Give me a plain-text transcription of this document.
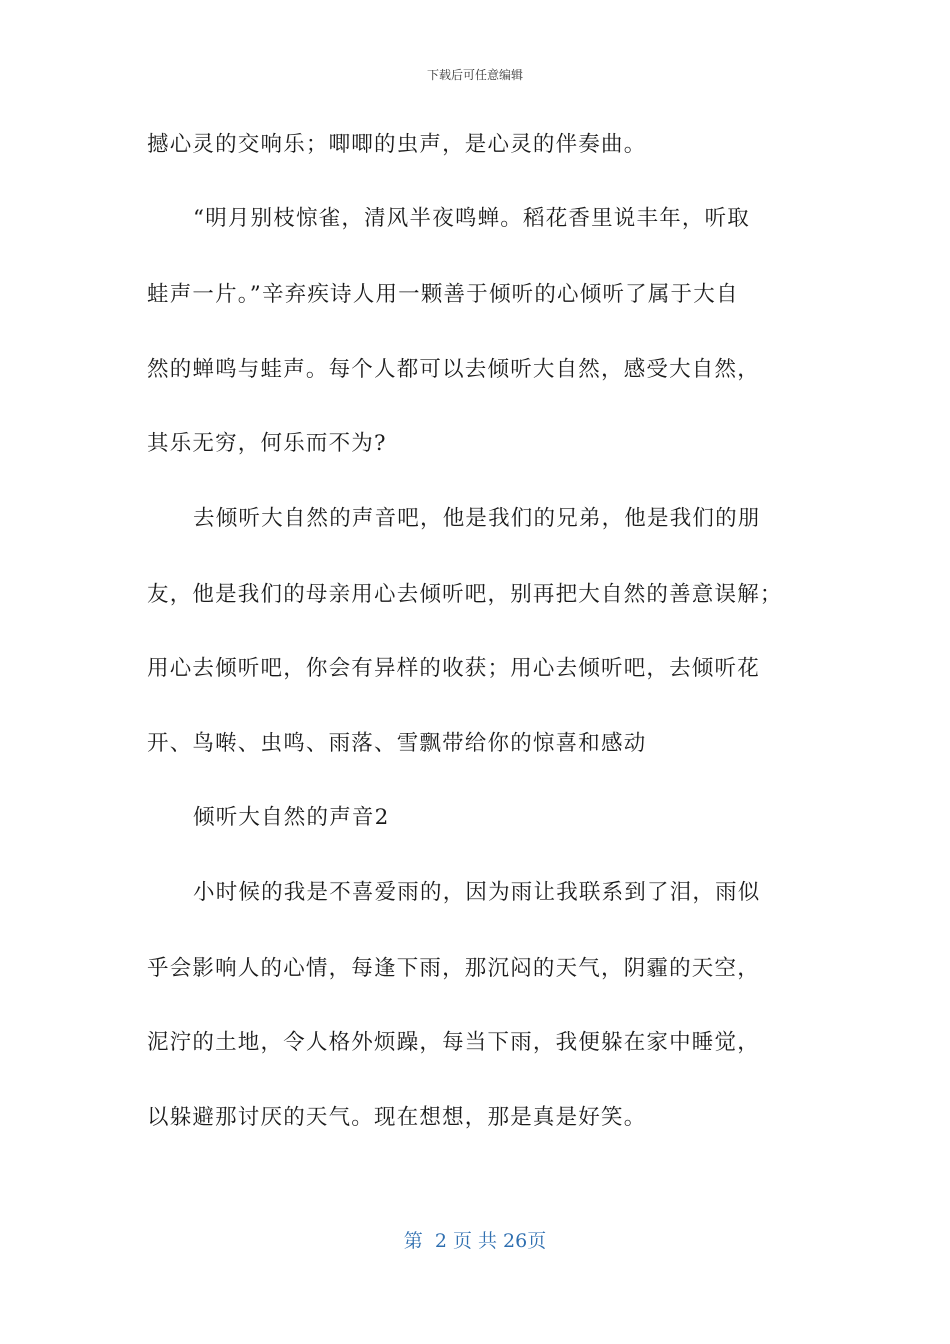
下载后可任意编辑
撼心灵的交响乐；唧唧的虫声，是心灵的伴奏曲。
“明月别枝惊雀，清风半夜鸣蝉。稻花香里说丰年，听取
蛙声一片。”辛弃疾诗人用一颗善于倾听的心倾听了属于大自
然的蝉鸣与蛙声。每个人都可以去倾听大自然，感受大自然，
其乐无穷，何乐而不为?
去倾听大自然的声音吧，他是我们的兄弟，他是我们的朋
友，他是我们的母亲用心去倾听吧，别再把大自然的善意误解；
用心去倾听吧，你会有异样的收获；用心去倾听吧，去倾听花
开、鸟啭、虫鸣、雨落、雪飘带给你的惊喜和感动
倾听大自然的声音2
小时候的我是不喜爱雨的，因为雨让我联系到了泪，雨似
乎会影响人的心情，每逢下雨，那沉闷的天气，阴霾的天空，
泥泞的土地，令人格外烦躁，每当下雨，我便躲在家中睡觉，
以躲避那讨厌的天气。现在想想，那是真是好笑。
第  2 页 共 26页
